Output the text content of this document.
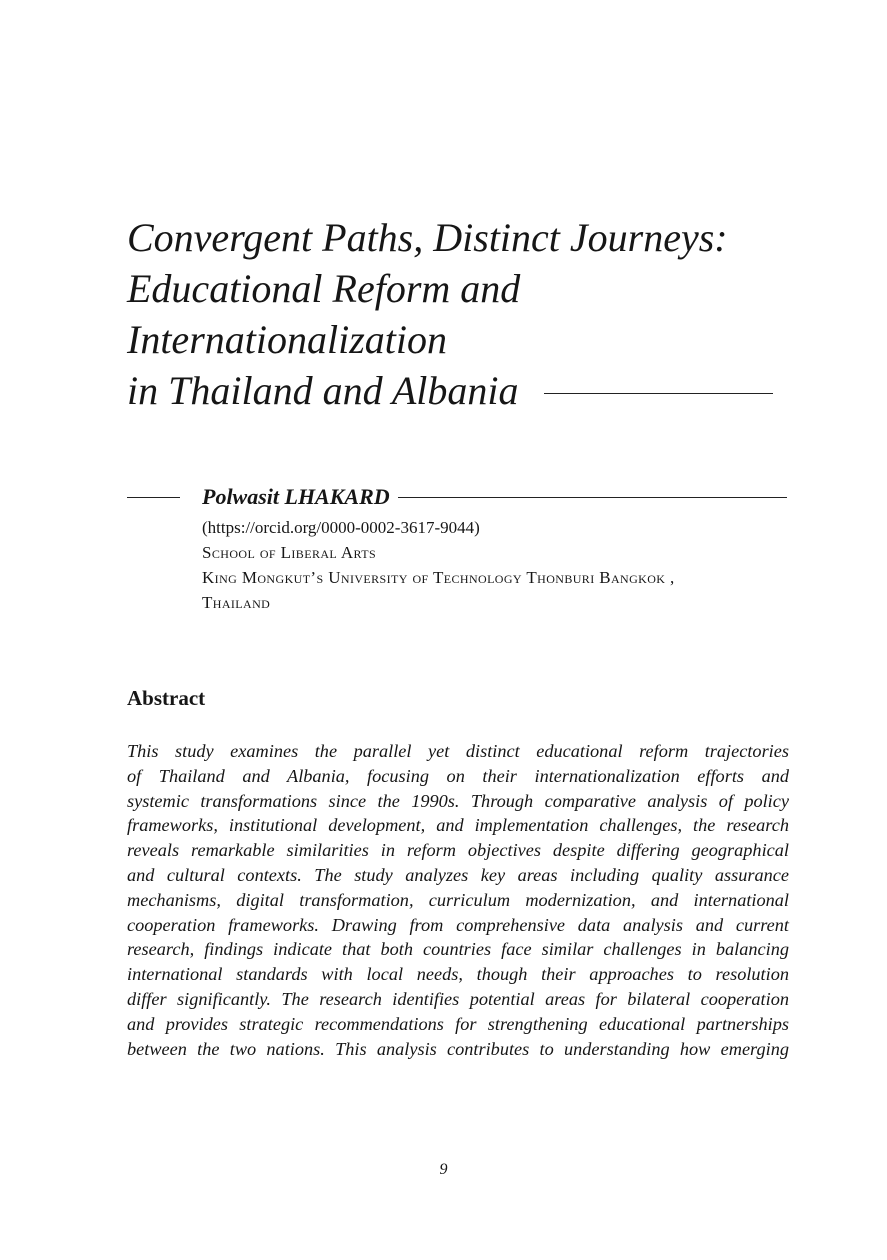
Convergent Paths, Distinct Journeys:
Educational Reform and
Internationalization
in Thailand and Albania
Polwasit LHAKARD
(https://orcid.org/0000-0002-3617-9044)
School of Liberal Arts
King Mongkut’s University of Technology Thonburi Bangkok ,
Thailand
Abstract
This study examines the parallel yet distinct educational reform trajectories
of Thailand and Albania, focusing on their internationalization efforts and
systemic transformations since the 1990s. Through comparative analysis of policy
frameworks, institutional development, and implementation challenges, the research
reveals remarkable similarities in reform objectives despite differing geographical
and cultural contexts. The study analyzes key areas including quality assurance
mechanisms, digital transformation, curriculum modernization, and international
cooperation frameworks. Drawing from comprehensive data analysis and current
research, findings indicate that both countries face similar challenges in balancing
international standards with local needs, though their approaches to resolution
differ significantly. The research identifies potential areas for bilateral cooperation
and provides strategic recommendations for strengthening educational partnerships
between the two nations. This analysis contributes to understanding how emerging
9
